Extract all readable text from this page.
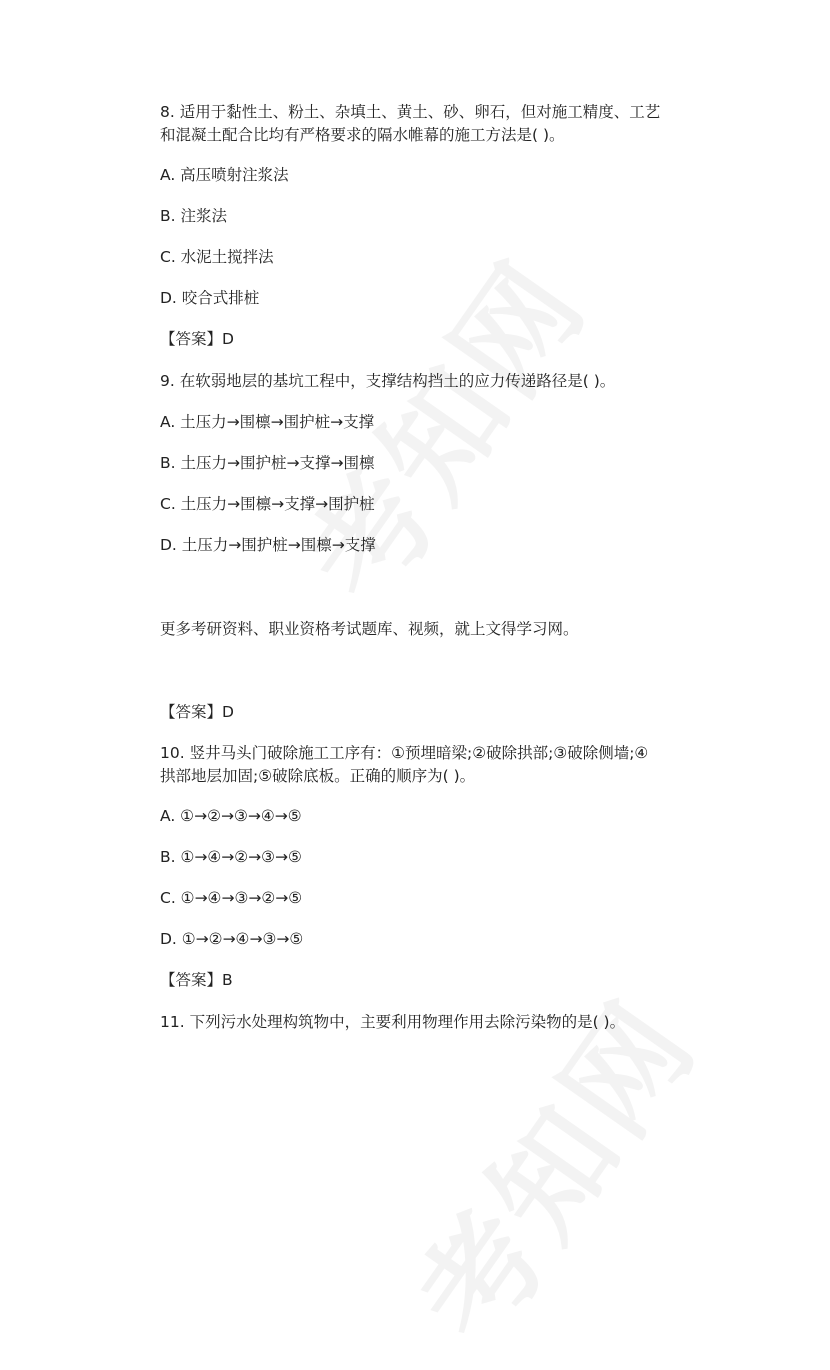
8. 适用于黏性土、粉土、杂填土、黄土、砂、卵石，但对施工精度、工艺
和混凝土配合比均有严格要求的隔水帷幕的施工方法是( )。
A. 高压喷射注浆法
B. 注浆法
C. 水泥土搅拌法
D. 咬合式排桩
【答案】D
9. 在软弱地层的基坑工程中，支撑结构挡土的应力传递路径是( )。
A. 土压力→围檩→围护桩→支撑
B. 土压力→围护桩→支撑→围檩
C. 土压力→围檩→支撑→围护桩
D. 土压力→围护桩→围檩→支撑
更多考研资料、职业资格考试题库、视频，就上文得学习网。
【答案】D
10. 竖井马头门破除施工工序有：①预埋暗梁;②破除拱部;③破除侧墙;④
拱部地层加固;⑤破除底板。正确的顺序为( )。
A. ①→②→③→④→⑤
B. ①→④→②→③→⑤
C. ①→④→③→②→⑤
D. ①→②→④→③→⑤
【答案】B
11. 下列污水处理构筑物中，主要利用物理作用去除污染物的是( )。
